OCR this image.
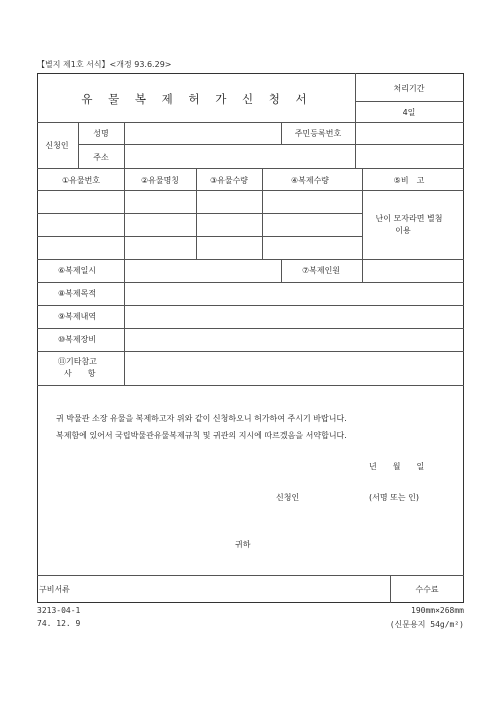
【별지 제1호 서식】<개정 93.6.29>
유 물 복 제 허 가 신 청 서
처리기간
4일
신청인
성명	주민등록번호
주소
①유물번호	②유물명칭	③유물수량	④복제수량	⑤비　고
난이 모자라면 별첨
이용
⑥복제일시	⑦복제인원
⑧복제목적
⑨복제내역
⑩복제장비
⑪기타참고
사　　항
귀 박물관 소장 유물을 복제하고자 위와 같이 신청하오니 허가하여 주시기 바랍니다.
복제함에 있어서 국립박물관유물복제규칙 및 귀관의 지시에 따르겠음을 서약합니다.
년　　월　　일
신청인	(서명 또는 인)
귀하
구비서류	수수료
3213-04-1
74. 12. 9
190mm×268mm
(신문용지 54g/m²)
